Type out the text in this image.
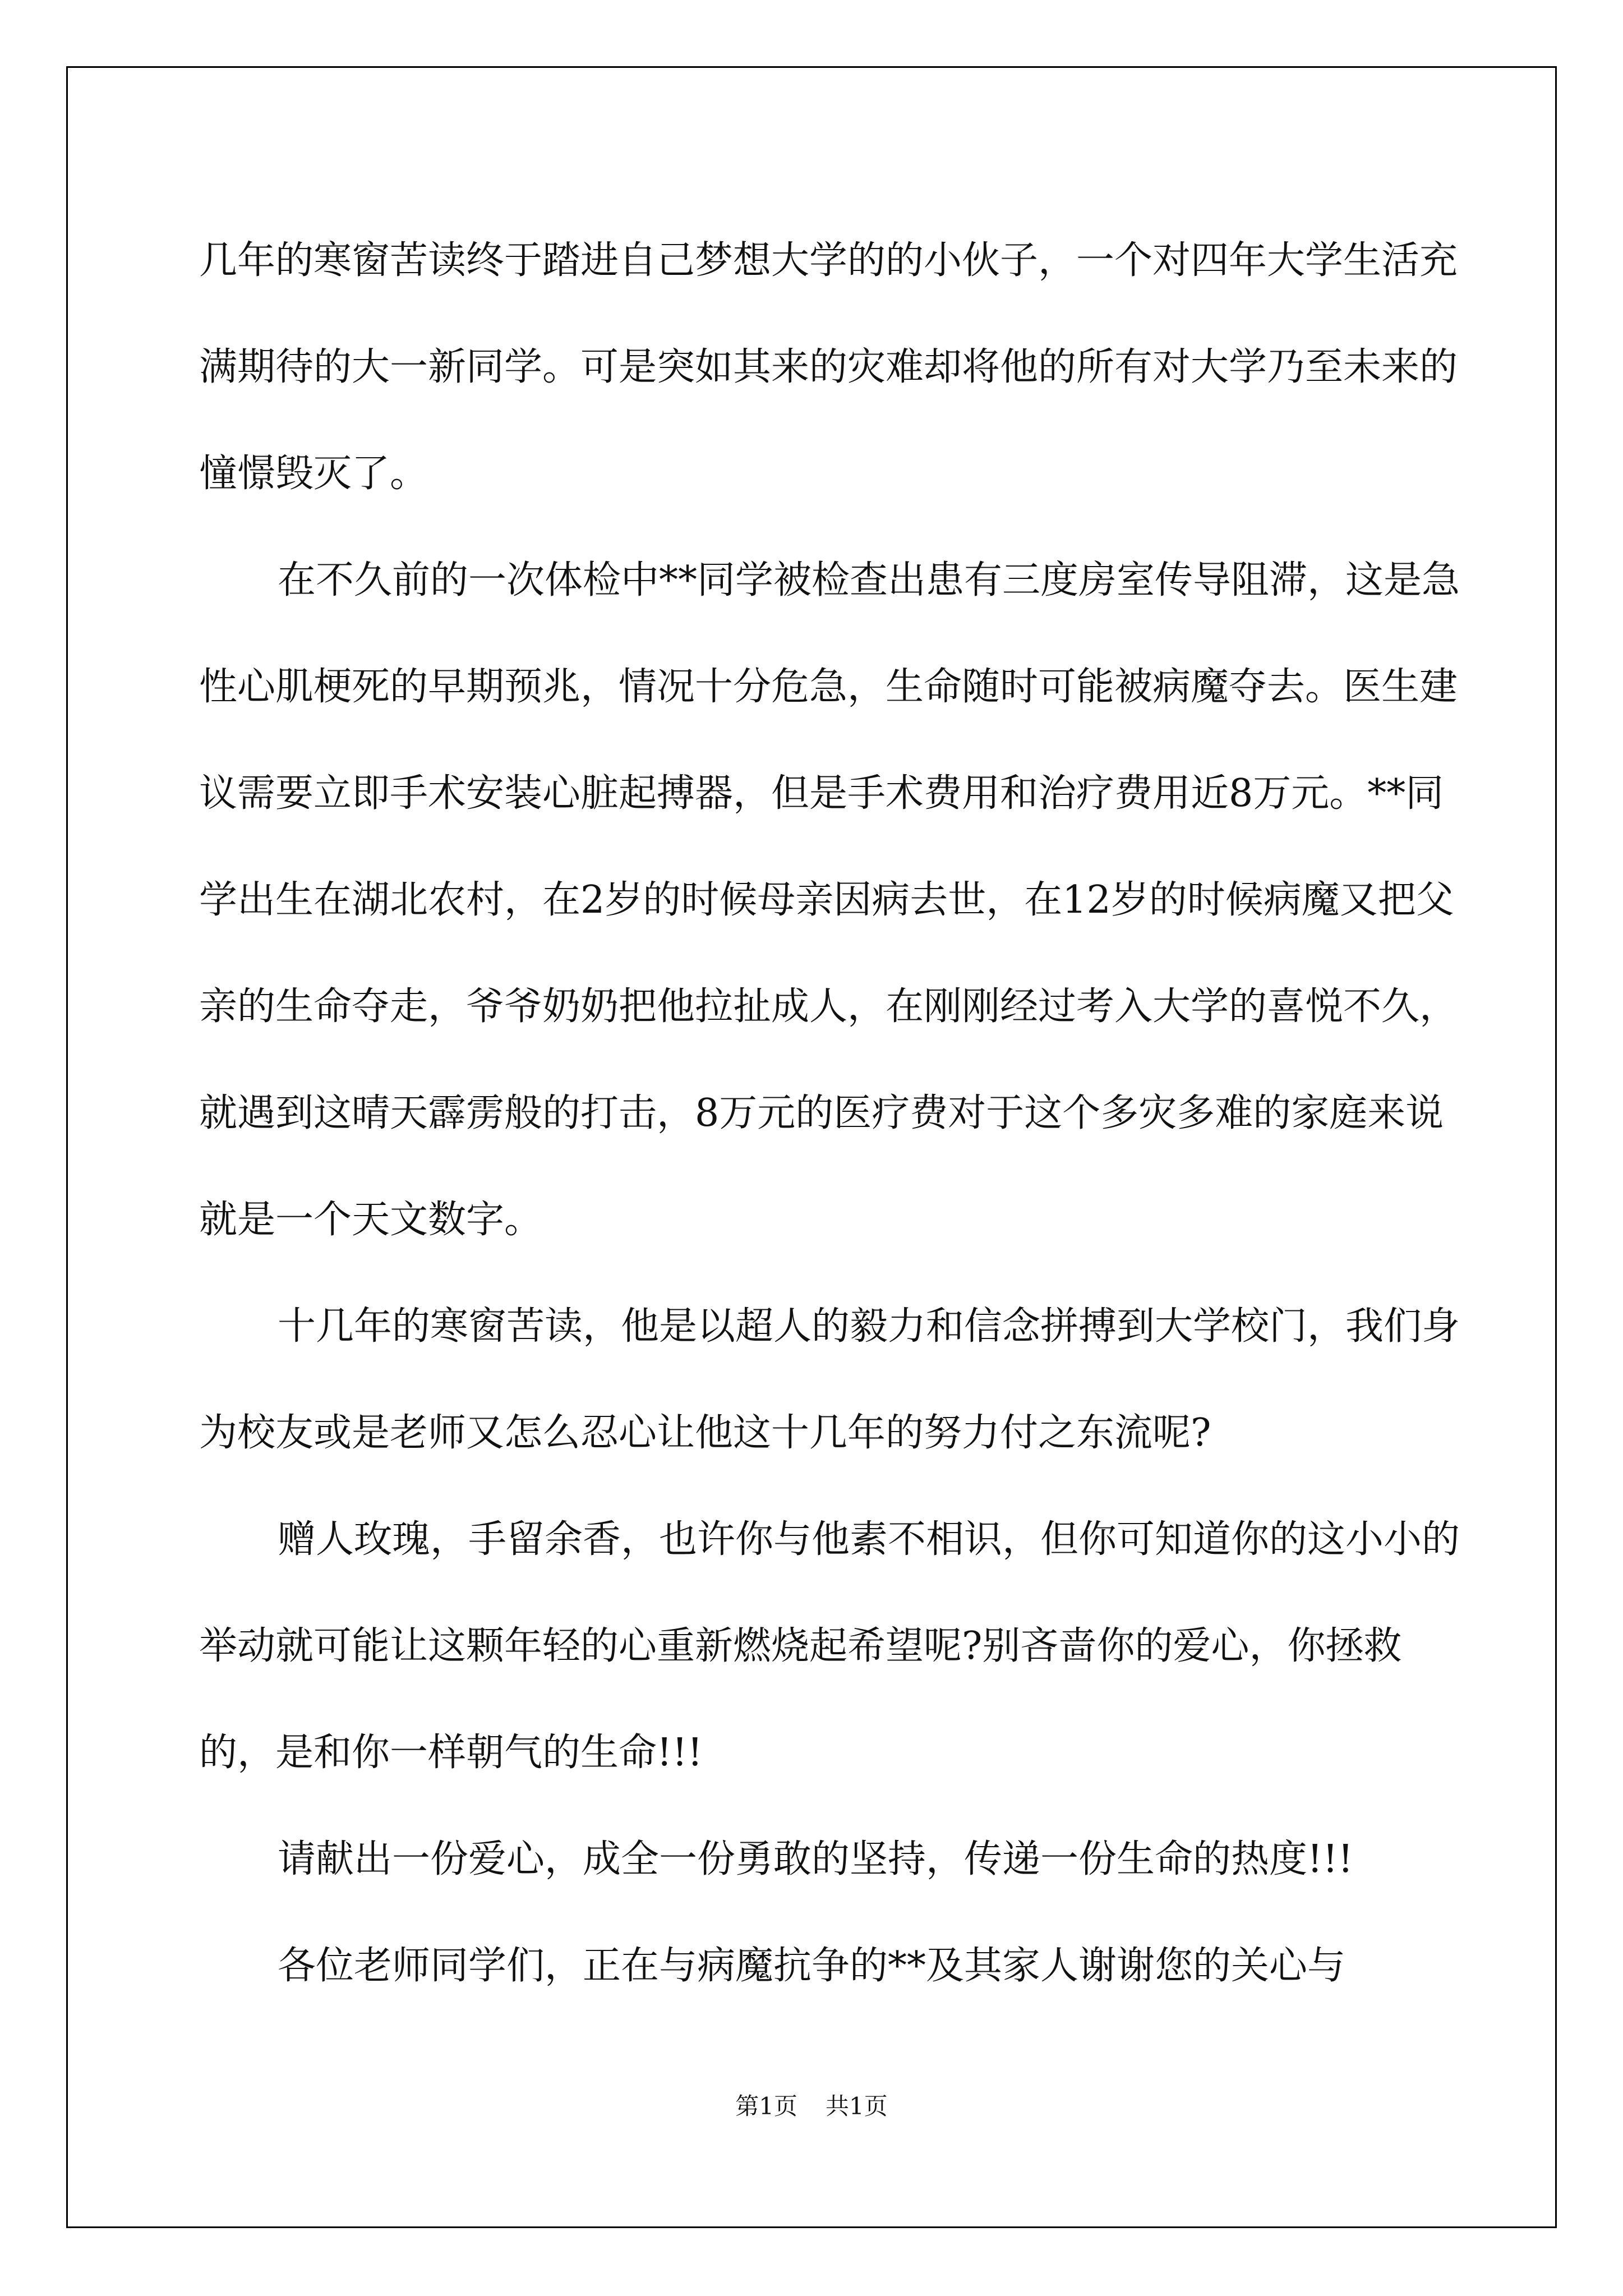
几年的寒窗苦读终于踏进自己梦想大学的的小伙子，一个对四年大学生活充满期待的大一新同学。可是突如其来的灾难却将他的所有对大学乃至未来的憧憬毁灭了。

在不久前的一次体检中**同学被检查出患有三度房室传导阻滞，这是急性心肌梗死的早期预兆，情况十分危急，生命随时可能被病魔夺去。医生建议需要立即手术安装心脏起搏器，但是手术费用和治疗费用近8万元。**同学出生在湖北农村，在2岁的时候母亲因病去世，在12岁的时候病魔又把父亲的生命夺走，爷爷奶奶把他拉扯成人，在刚刚经过考入大学的喜悦不久，就遇到这晴天霹雳般的打击，8万元的医疗费对于这个多灾多难的家庭来说就是一个天文数字。

十几年的寒窗苦读，他是以超人的毅力和信念拼搏到大学校门，我们身为校友或是老师又怎么忍心让他这十几年的努力付之东流呢?

赠人玫瑰，手留余香，也许你与他素不相识，但你可知道你的这小小的举动就可能让这颗年轻的心重新燃烧起希望呢?别吝啬你的爱心，你拯救的，是和你一样朝气的生命!!!

请献出一份爱心，成全一份勇敢的坚持，传递一份生命的热度!!!

各位老师同学们，正在与病魔抗争的**及其家人谢谢您的关心与

第1页 共1页
